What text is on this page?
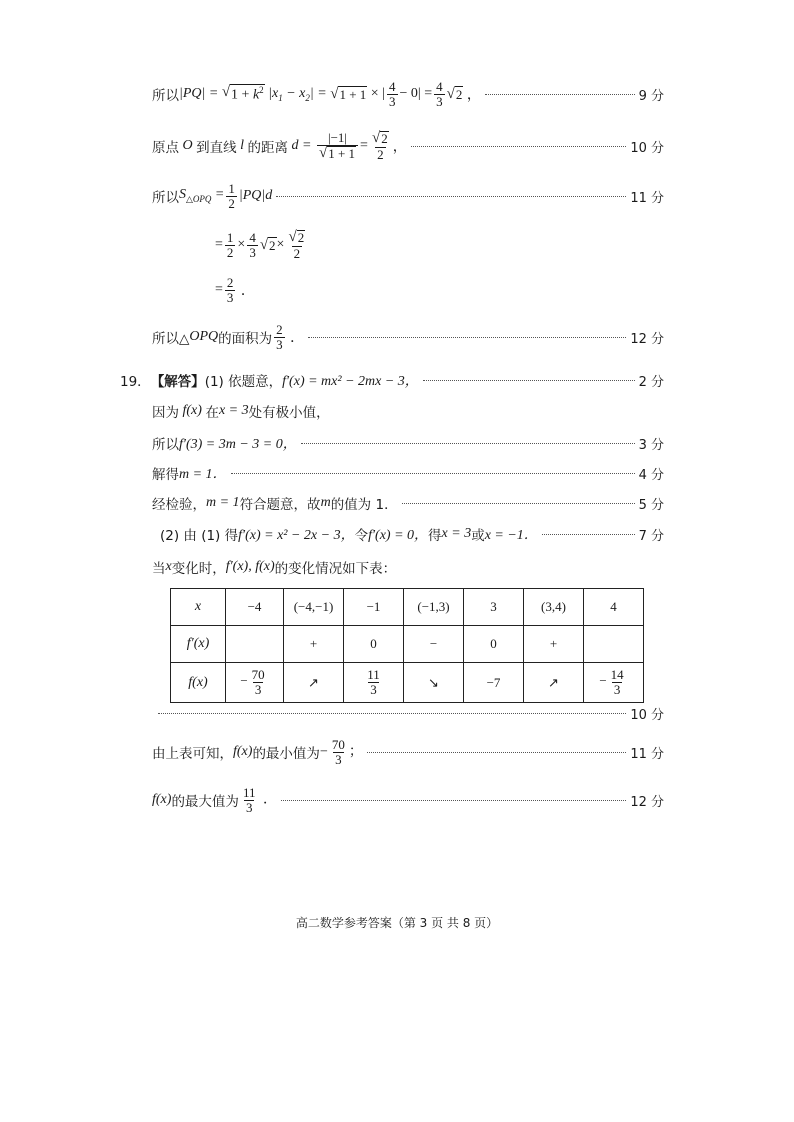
所以 |PQ| = √ $1 + k^2$ $|x_1 - x_2|$ = √ 1 + 1 × | $\frac{4}{3} - 0| = \frac{4}{3}$ √ 2 ，	9 分
原点 O 到直线 l 的距离 $d = \frac{|-1|}{√ 1 + 1} = \frac{√ 2}{2}$ ，	10 分
所以 $S_{\triangle OPQ} = \frac{1}{2} |PQ|d$	11 分
= $\frac{1}{2} \times \frac{4}{3}$ √ $2 \times \frac{√ 2}{2}$
= $\frac{2}{3}$ ．
所以△ OPQ 的面积为 $\frac{2}{3}$ ．	12 分
19． 【解答】 (1) 依题意， f′(x) = mx² − 2mx − 3，	2 分
因为 f(x) 在 x = 3 处有极小值，
所以 f′(3) = 3m − 3 = 0，	3 分
解得 m = 1．	4 分
经检验， m = 1 符合题意，故 m 的值为 1．	5 分
(2) 由 (1) 得 f′(x) = x² − 2x − 3， 令 f′(x) = 0， 得 x = 3 或 x = −1．	7 分
当 x 变化时， f′(x), f(x) 的变化情况如下表：
x	−4	(−4,−1)	−1	(−1,3)	3	(3,4)	4
f′(x)		+	0	−	0	+	
f(x)	− $\frac{70}{3}$	↗	$\frac{11}{3}$	↘	−7	↗	− $\frac{14}{3}$
10 分
由上表可知， f(x) 的最小值为 − $\frac{70}{3}$ ；	11 分
f(x) 的最大值为 $\frac{11}{3}$ ．	12 分
高二数学参考答案（第 3 页 共 8 页）
